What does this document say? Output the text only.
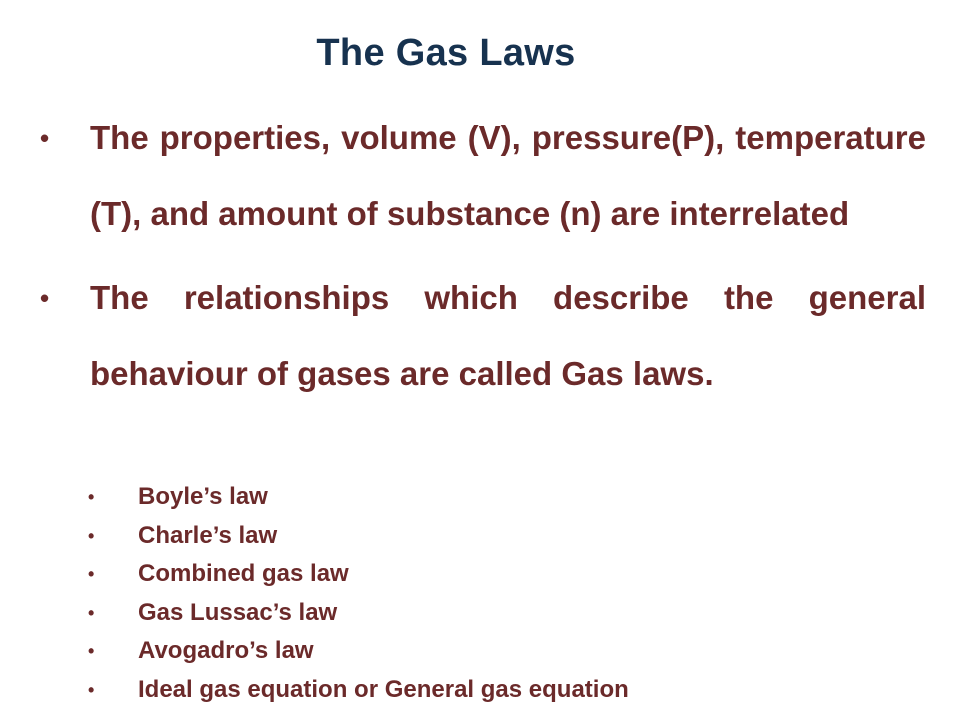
The Gas Laws
• The properties, volume (V), pressure(P), temperature (T), and amount of substance (n) are interrelated
• The relationships which describe the general behaviour of gases are called Gas laws.
• Boyle’s law
• Charle’s law
• Combined gas law
• Gas Lussac’s law
• Avogadro’s law
• Ideal gas equation or General gas equation
